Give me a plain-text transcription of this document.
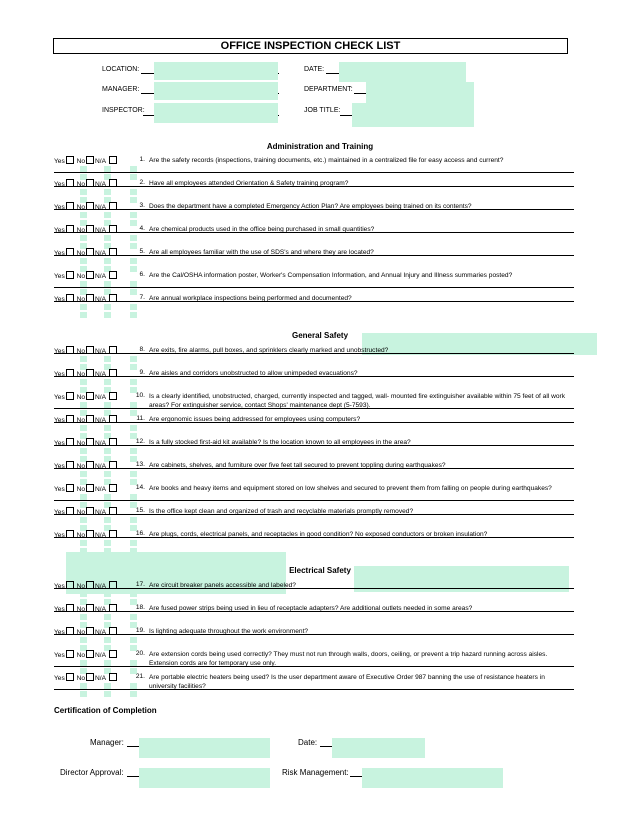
OFFICE INSPECTION CHECK LIST
LOCATION:	DATE:
MANAGER:	DEPARTMENT:
INSPECTOR:	JOB TITLE:
Administration and Training
General Safety
Electrical Safety
Yes No N/A	1. Are the safety records (inspections, training documents, etc.) maintained in a centralized file for easy access and current?
Yes No N/A	2. Have all employees attended Orientation & Safety training program?
Yes No N/A	3. Does the department have a completed Emergency Action Plan? Are employees being trained on its contents?
Yes No N/A	4. Are chemical products used in the office being purchased in small quantities?
Yes No N/A	5. Are all employees familiar with the use of SDS's and where they are located?
Yes No N/A	6. Are the Cal/OSHA information poster, Worker's Compensation Information, and Annual Injury and Illness summaries posted?
Yes No N/A	7. Are annual workplace inspections being performed and documented?
Yes No N/A	8. Are exits, fire alarms, pull boxes, and sprinklers clearly marked and unobstructed?
Yes No N/A	9. Are aisles and corridors unobstructed to allow unimpeded evacuations?
Yes No N/A	10. Is a clearly identified, unobstructed, charged, currently inspected and tagged, wall- mounted fire extinguisher available within 75 feet of all work areas? For extinguisher service, contact Shops' maintenance dept (5-7593).
Yes No N/A	11. Are ergonomic issues being addressed for employees using computers?
Yes No N/A	12. Is a fully stocked first-aid kit available? Is the location known to all employees in the area?
Yes No N/A	13. Are cabinets, shelves, and furniture over five feet tall secured to prevent toppling during earthquakes?
Yes No N/A	14. Are books and heavy items and equipment stored on low shelves and secured to prevent them from falling on people during earthquakes?
Yes No N/A	15. Is the office kept clean and organized of trash and recyclable materials promptly removed?
Yes No N/A	16. Are plugs, cords, electrical panels, and receptacles in good condition? No exposed conductors or broken insulation?
Yes No N/A	17. Are circuit breaker panels accessible and labeled?
Yes No N/A	18. Are fused power strips being used in lieu of receptacle adapters? Are additional outlets needed in some areas?
Yes No N/A	19. Is lighting adequate throughout the work environment?
Yes No N/A	20. Are extension cords being used correctly? They must not run through walls, doors, ceiling, or prevent a trip hazard running across aisles. Extension cords are for temporary use only.
Yes No N/A	21. Are portable electric heaters being used? Is the user department aware of Executive Order 987 banning the use of resistance heaters in university facilities?
Certification of Completion
Manager:	Date:
Director Approval:	Risk Management:
